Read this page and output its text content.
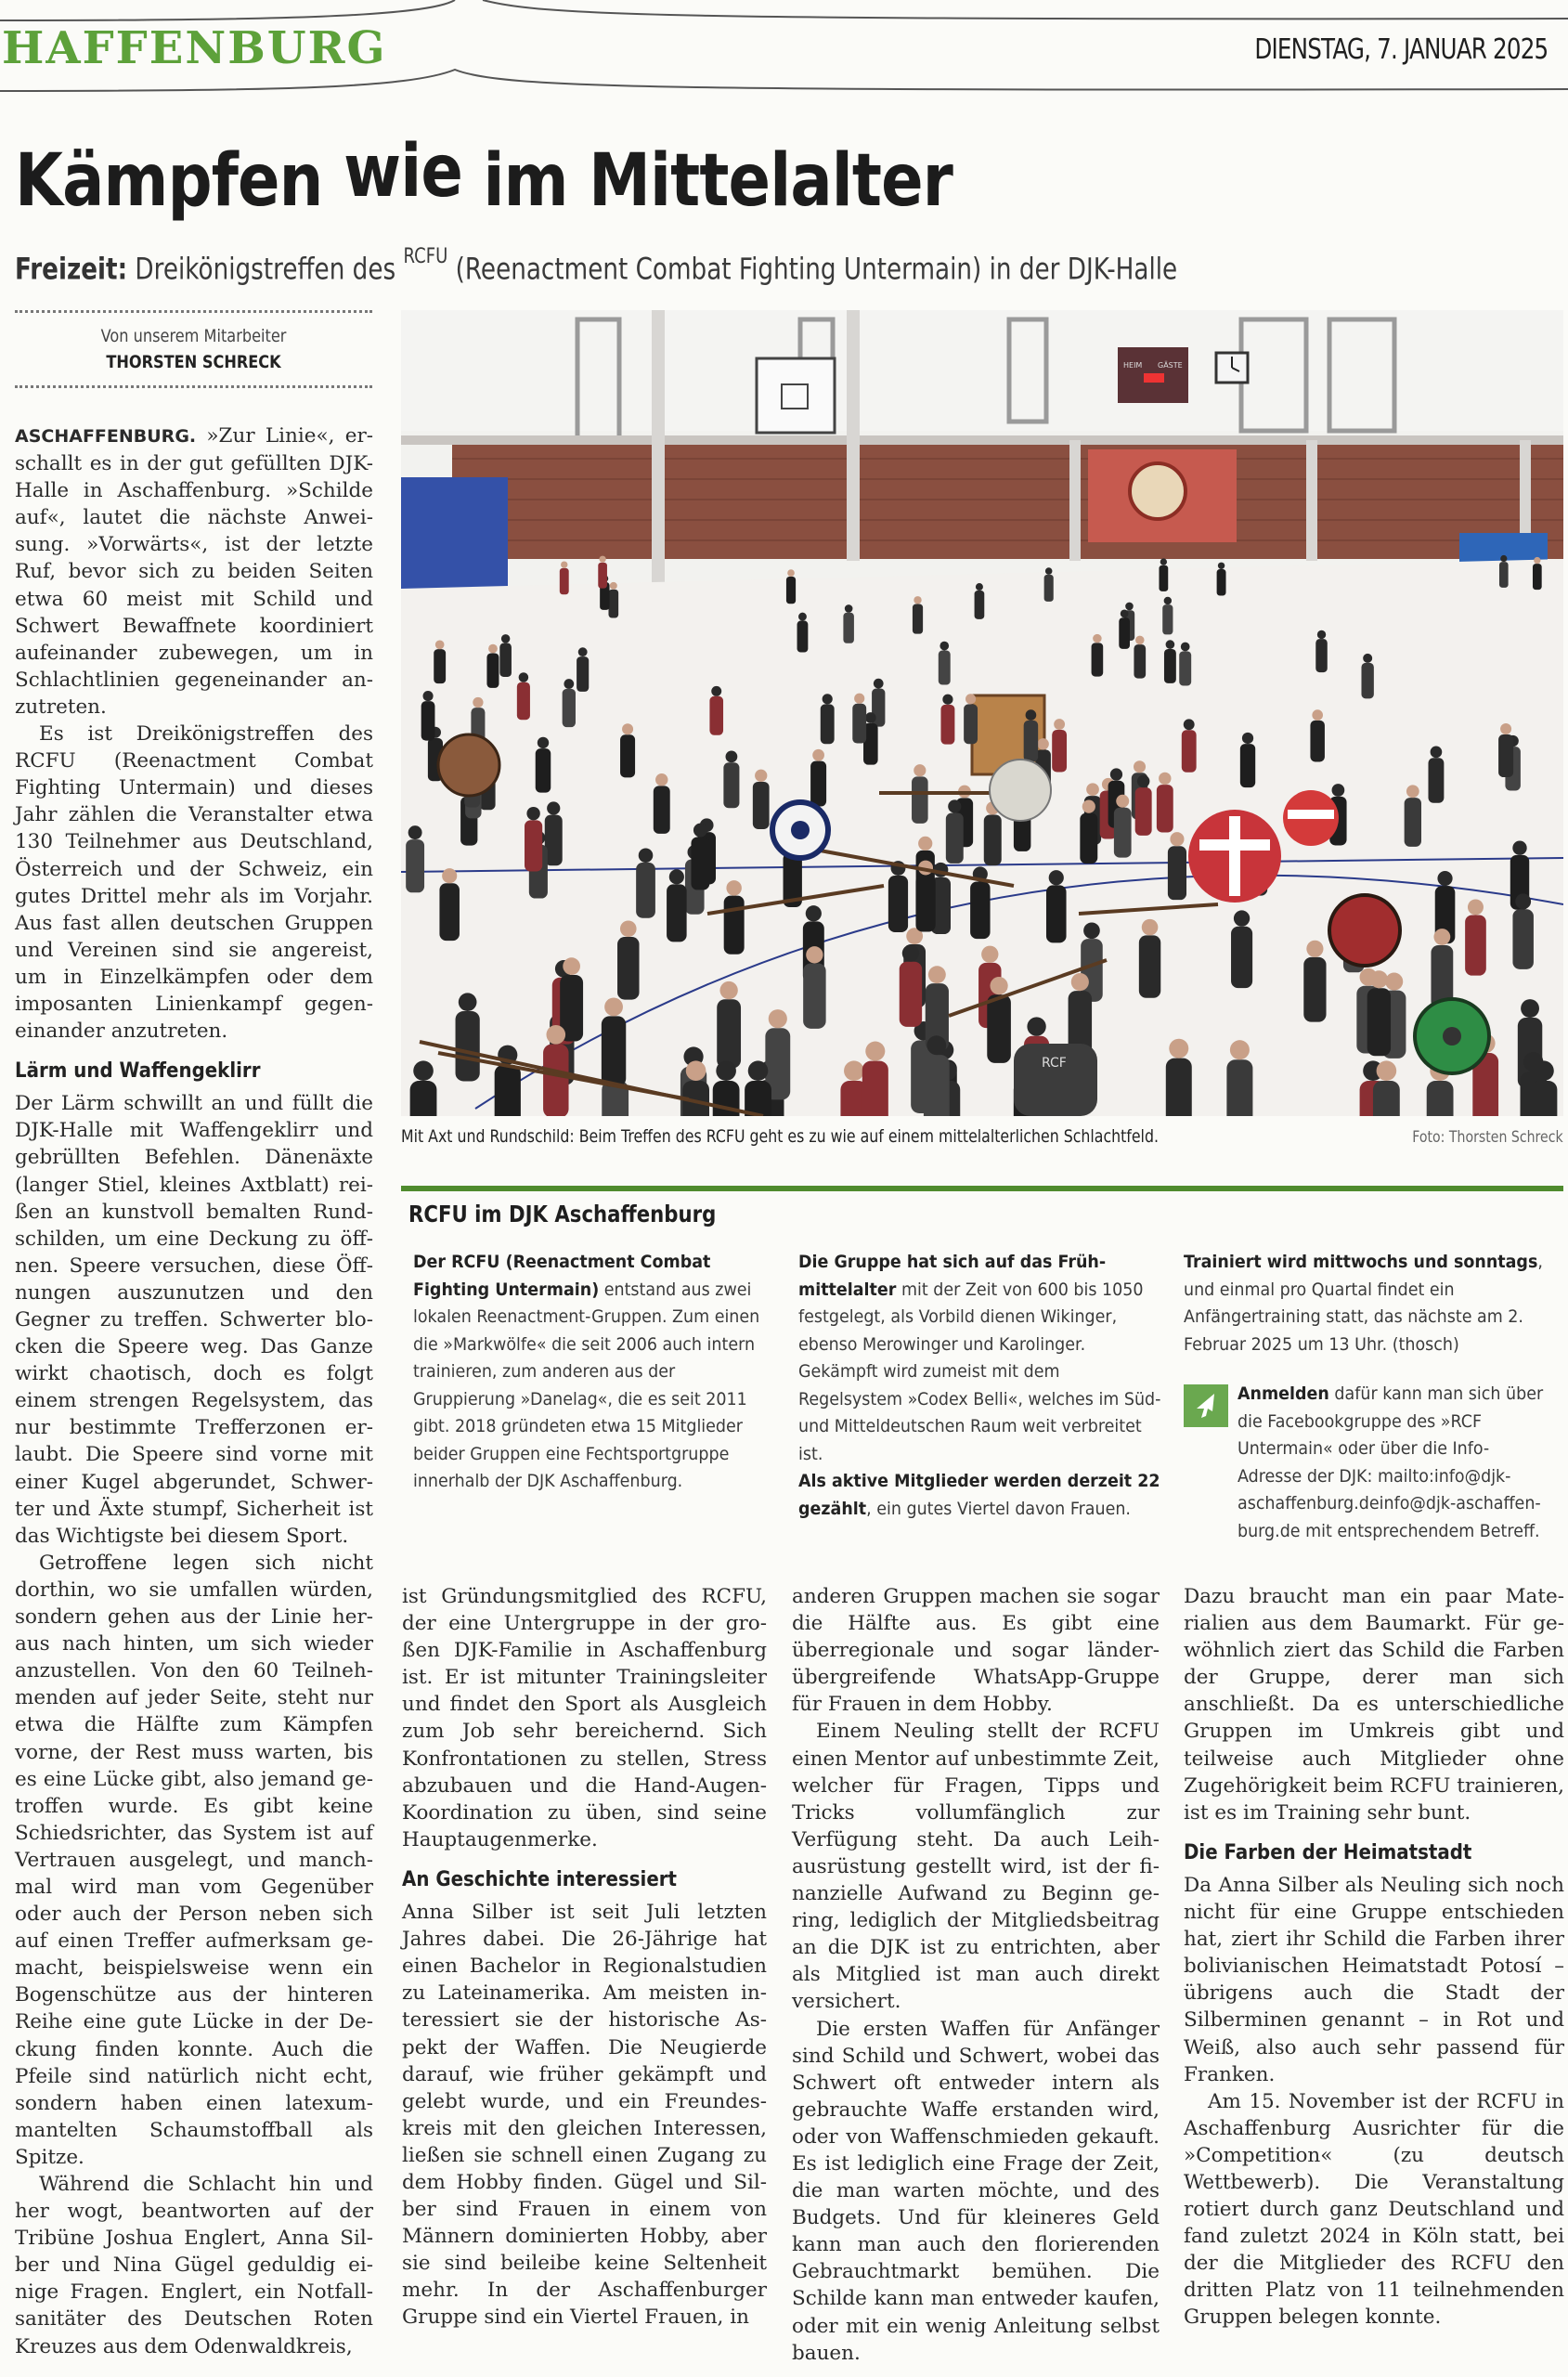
HAFFENBURG	DIENSTAG, 7. JANUAR 2025
Kämpfen wie im Mittelalter
Freizeit: Dreikönigstreffen des $^{RCFU}$ (Reenactment Combat Fighting Untermain) in der DJK-Halle
Von unserem Mitarbeiter
THORSTEN SCHRECK

ASCHAFFENBURG. »Zur Linie«, erschallt es in der gut gefüllten DJK-Halle in Aschaffenburg. »Schilde auf«, lautet die nächste Anweisung. »Vorwärts«, ist der letzte Ruf, bevor sich zu beiden Seiten etwa 60 meist mit Schild und Schwert Bewaffnete koordiniert aufeinander zubewegen, um in Schlachtlinien gegeneinander anzutreten.

Es ist Dreikönigstreffen des RCFU (Reenactment Combat Fighting Untermain) und dieses Jahr zählen die Veranstalter etwa 130 Teilnehmer aus Deutschland, Österreich und der Schweiz, ein gutes Drittel mehr als im Vorjahr. Aus fast allen deutschen Gruppen und Vereinen sind sie angereist, um in Einzelkämpfen oder dem imposanten Linienkampf gegeneinander anzutreten.

Lärm und Waffengeklirr

Der Lärm schwillt an und füllt die DJK-Halle mit Waffengeklirr und gebrüllten Befehlen. Dänenäxte (langer Stiel, kleines Axtblatt) reißen an kunstvoll bemalten Rundschilden, um eine Deckung zu öffnen. Speere versuchen, diese Öffnungen auszunutzen und den Gegner zu treffen. Schwerter blocken die Speere weg. Das Ganze wirkt chaotisch, doch es folgt einem strengen Regelsystem, das nur bestimmte Trefferzonen erlaubt. Die Speere sind vorne mit einer Kugel abgerundet, Schwerter und Äxte stumpf, Sicherheit ist das Wichtigste bei diesem Sport.

Getroffene legen sich nicht dorthin, wo sie umfallen würden, sondern gehen aus der Linie heraus nach hinten, um sich wieder anzustellen. Von den 60 Teilnehmenden auf jeder Seite, steht nur etwa die Hälfte zum Kämpfen vorne, der Rest muss warten, bis es eine Lücke gibt, also jemand getroffen wurde. Es gibt keine Schiedsrichter, das System ist auf Vertrauen ausgelegt, und manchmal wird man vom Gegenüber oder auch der Person neben sich auf einen Treffer aufmerksam gemacht, beispielsweise wenn ein Bogenschütze aus der hinteren Reihe eine gute Lücke in der Deckung finden konnte. Auch die Pfeile sind natürlich nicht echt, sondern haben einen latexummantelten Schaumstoffball als Spitze.

Während die Schlacht hin und her wogt, beantworten auf der Tribüne Joshua Englert, Anna Silber und Nina Gügel geduldig einige Fragen. Englert, ein Notfallsanitäter des Deutschen Roten Kreuzes aus dem Odenwaldkreis,

HEIM GÄSTE
RCF
Mit Axt und Rundschild: Beim Treffen des RCFU geht es zu wie auf einem mittelalterlichen Schlachtfeld.	Foto: Thorsten Schreck
RCFU im DJK Aschaffenburg

Der RCFU (Reenactment Combat Fighting Untermain) entstand aus zwei lokalen Reenactment-Gruppen. Zum einen die »Markwölfe« die seit 2006 auch intern trainieren, zum anderen aus der Gruppierung »Danelag«, die es seit 2011 gibt. 2018 gründeten etwa 15 Mitglieder beider Gruppen eine Fechtsportgruppe innerhalb der DJK Aschaffenburg.

Die Gruppe hat sich auf das Frühmittelalter mit der Zeit von 600 bis 1050 festgelegt, als Vorbild dienen Wikinger, ebenso Merowinger und Karolinger. Gekämpft wird zumeist mit dem Regelsystem »Codex Belli«, welches im Süd- und Mitteldeutschen Raum weit verbreitet ist.

Als aktive Mitglieder werden derzeit 22 gezählt, ein gutes Viertel davon Frauen.

Trainiert wird mittwochs und sonntags, und einmal pro Quartal findet ein Anfängertraining statt, das nächste am 2. Februar 2025 um 13 Uhr. (thosch)

Anmelden dafür kann man sich über die Facebookgruppe des »RCF Untermain« oder über die Info-Adresse der DJK: mailto:info@djk-aschaffenburg.deinfo@djk-aschaffenburg.de mit entsprechendem Betreff.

ist Gründungsmitglied des RCFU, der eine Untergruppe in der großen DJK-Familie in Aschaffenburg ist. Er ist mitunter Trainingsleiter und findet den Sport als Ausgleich zum Job sehr bereichernd. Sich Konfrontationen zu stellen, Stress abzubauen und die Hand-Augen-Koordination zu üben, sind seine Hauptaugenmerke.

An Geschichte interessiert

Anna Silber ist seit Juli letzten Jahres dabei. Die 26-Jährige hat einen Bachelor in Regionalstudien zu Lateinamerika. Am meisten interessiert sie der historische Aspekt der Waffen. Die Neugierde darauf, wie früher gekämpft und gelebt wurde, und ein Freundeskreis mit den gleichen Interessen, ließen sie schnell einen Zugang zu dem Hobby finden. Gügel und Silber sind Frauen in einem von Männern dominierten Hobby, aber sie sind beileibe keine Seltenheit mehr. In der Aschaffenburger Gruppe sind ein Viertel Frauen, in

anderen Gruppen machen sie sogar die Hälfte aus. Es gibt eine überregionale und sogar länderübergreifende WhatsApp-Gruppe für Frauen in dem Hobby.

Einem Neuling stellt der RCFU einen Mentor auf unbestimmte Zeit, welcher für Fragen, Tipps und Tricks vollumfänglich zur Verfügung steht. Da auch Leihausrüstung gestellt wird, ist der finanzielle Aufwand zu Beginn gering, lediglich der Mitgliedsbeitrag an die DJK ist zu entrichten, aber als Mitglied ist man auch direkt versichert.

Die ersten Waffen für Anfänger sind Schild und Schwert, wobei das Schwert oft entweder intern als gebrauchte Waffe erstanden wird, oder von Waffenschmieden gekauft. Es ist lediglich eine Frage der Zeit, die man warten möchte, und des Budgets. Und für kleineres Geld kann man auch den florierenden Gebrauchtmarkt bemühen. Die Schilde kann man entweder kaufen, oder mit ein wenig Anleitung selbst bauen.

Dazu braucht man ein paar Materialien aus dem Baumarkt. Für gewöhnlich ziert das Schild die Farben der Gruppe, derer man sich anschließt. Da es unterschiedliche Gruppen im Umkreis gibt und teilweise auch Mitglieder ohne Zugehörigkeit beim RCFU trainieren, ist es im Training sehr bunt.

Die Farben der Heimatstadt

Da Anna Silber als Neuling sich noch nicht für eine Gruppe entschieden hat, ziert ihr Schild die Farben ihrer bolivianischen Heimatstadt Potosí – übrigens auch die Stadt der Silberminen genannt – in Rot und Weiß, also auch sehr passend für Franken.

Am 15. November ist der RCFU in Aschaffenburg Ausrichter für die »Competition« (zu deutsch Wettbewerb). Die Veranstaltung rotiert durch ganz Deutschland und fand zuletzt 2024 in Köln statt, bei der die Mitglieder des RCFU den dritten Platz von 11 teilnehmenden Gruppen belegen konnte.
